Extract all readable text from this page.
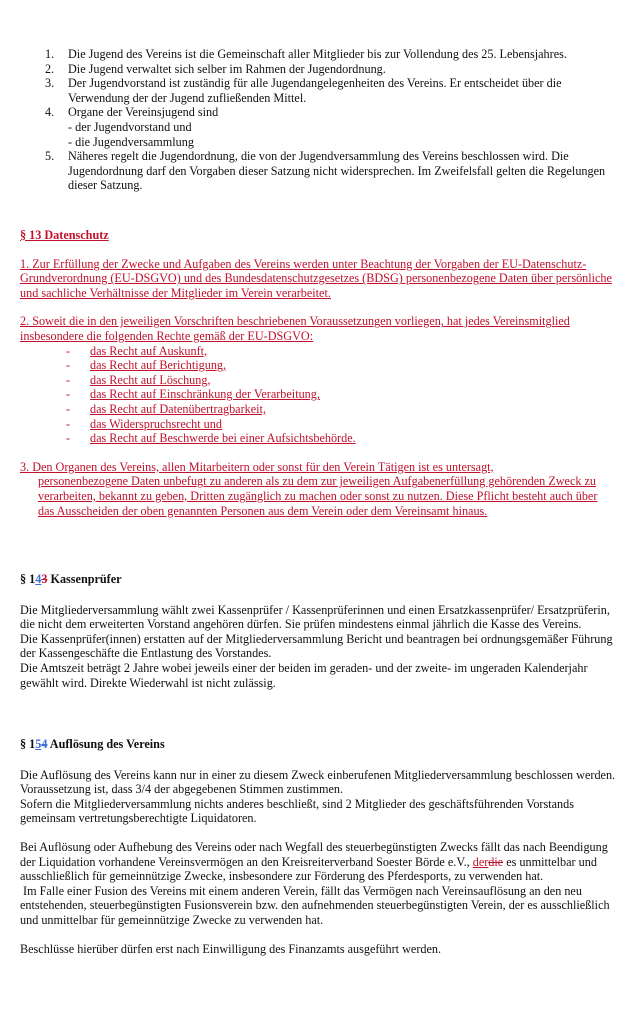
1. Die Jugend des Vereins ist die Gemeinschaft aller Mitglieder bis zur Vollendung des 25. Lebensjahres.
2. Die Jugend verwaltet sich selber im Rahmen der Jugendordnung.
3. Der Jugendvorstand ist zuständig für alle Jugendangelegenheiten des Vereins. Er entscheidet über die Verwendung der der Jugend zufließenden Mittel.
4. Organe der Vereinsjugend sind
- der Jugendvorstand und
- die Jugendversammlung
5. Näheres regelt die Jugendordnung, die von der Jugendversammlung des Vereins beschlossen wird. Die Jugendordnung darf den Vorgaben dieser Satzung nicht widersprechen. Im Zweifelsfall gelten die Regelungen dieser Satzung.
§ 13 Datenschutz

1. Zur Erfüllung der Zwecke und Aufgaben des Vereins werden unter Beachtung der Vorgaben der EU-Datenschutz-Grundverordnung (EU-DSGVO) und des Bundesdatenschutzgesetzes (BDSG) personenbezogene Daten über persönliche und sachliche Verhältnisse der Mitglieder im Verein verarbeitet.

2. Soweit die in den jeweiligen Vorschriften beschriebenen Voraussetzungen vorliegen, hat jedes Vereinsmitglied insbesondere die folgenden Rechte gemäß der EU-DSGVO:

- das Recht auf Auskunft,
- das Recht auf Berichtigung,
- das Recht auf Löschung,
- das Recht auf Einschränkung der Verarbeitung,
- das Recht auf Datenübertragbarkeit,
- das Widerspruchsrecht und
- das Recht auf Beschwerde bei einer Aufsichtsbehörde.

3. Den Organen des Vereins, allen Mitarbeitern oder sonst für den Verein Tätigen ist es untersagt,
personenbezogene Daten unbefugt zu anderen als zu dem zur jeweiligen Aufgabenerfüllung gehörenden Zweck zu verarbeiten, bekannt zu geben, Dritten zugänglich zu machen oder sonst zu nutzen. Diese Pflicht besteht auch über das Ausscheiden der oben genannten Personen aus dem Verein oder dem Vereinsamt hinaus.

§ 143 Kassenprüfer

Die Mitgliederversammlung wählt zwei Kassenprüfer / Kassenprüferinnen und einen Ersatzkassenprüfer/ Ersatzprüferin, die nicht dem erweiterten Vorstand angehören dürfen. Sie prüfen mindestens einmal jährlich die Kasse des Vereins.

Die Kassenprüfer(innen) erstatten auf der Mitgliederversammlung Bericht und beantragen bei ordnungsgemäßer Führung der Kassengeschäfte die Entlastung des Vorstandes.

Die Amtszeit beträgt 2 Jahre wobei jeweils einer der beiden im geraden- und der zweite- im ungeraden Kalenderjahr gewählt wird. Direkte Wiederwahl ist nicht zulässig.

§ 154 Auflösung des Vereins

Die Auflösung des Vereins kann nur in einer zu diesem Zweck einberufenen Mitgliederversammlung beschlossen werden.

Voraussetzung ist, dass 3/4 der abgegebenen Stimmen zustimmen.

Sofern die Mitgliederversammlung nichts anderes beschließt, sind 2 Mitglieder des geschäftsführenden Vorstands gemeinsam vertretungsberechtigte Liquidatoren.

Bei Auflösung oder Aufhebung des Vereins oder nach Wegfall des steuerbegünstigten Zwecks fällt das nach Beendigung der Liquidation vorhandene Vereinsvermögen an den Kreisreiterverband Soester Börde e.V., derdie es unmittelbar und ausschließlich für gemeinnützige Zwecke, insbesondere zur Förderung des Pferdesports, zu verwenden hat.

Im Falle einer Fusion des Vereins mit einem anderen Verein, fällt das Vermögen nach Vereinsauflösung an den neu entstehenden, steuerbegünstigten Fusionsverein bzw. den aufnehmenden steuerbegünstigten Verein, der es ausschließlich und unmittelbar für gemeinnützige Zwecke zu verwenden hat.

Beschlüsse hierüber dürfen erst nach Einwilligung des Finanzamts ausgeführt werden.
